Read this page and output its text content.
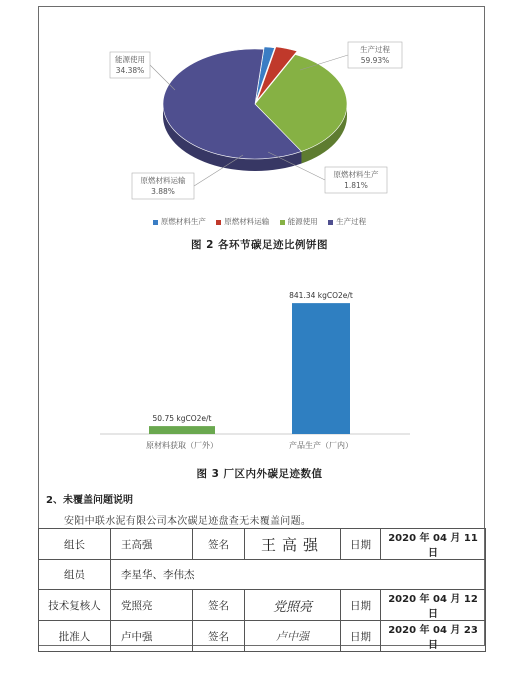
生产过程
59.93%
能源使用
34.38%
原燃材料运输
3.88%
原燃材料生产
1.81%
50.75 kgCO2e/t
原材料获取（厂外）
841.34 kgCO2e/t
产品生产（厂内）
原燃材料生产 原燃材料运输 能源使用 生产过程
图 2 各环节碳足迹比例饼图
图 3 厂区内外碳足迹数值
2、未覆盖问题说明
安阳中联水泥有限公司本次碳足迹盘查无未覆盖问题。
组长	王高强	签名	王高强	日期	2020 年 04 月 11 日
组员	李星华、李伟杰				
技术复核人	党照亮	签名	党照亮	日期	2020 年 04 月 12 日
批准人	卢中强	签名	卢中强	日期	2020 年 04 月 23 日
